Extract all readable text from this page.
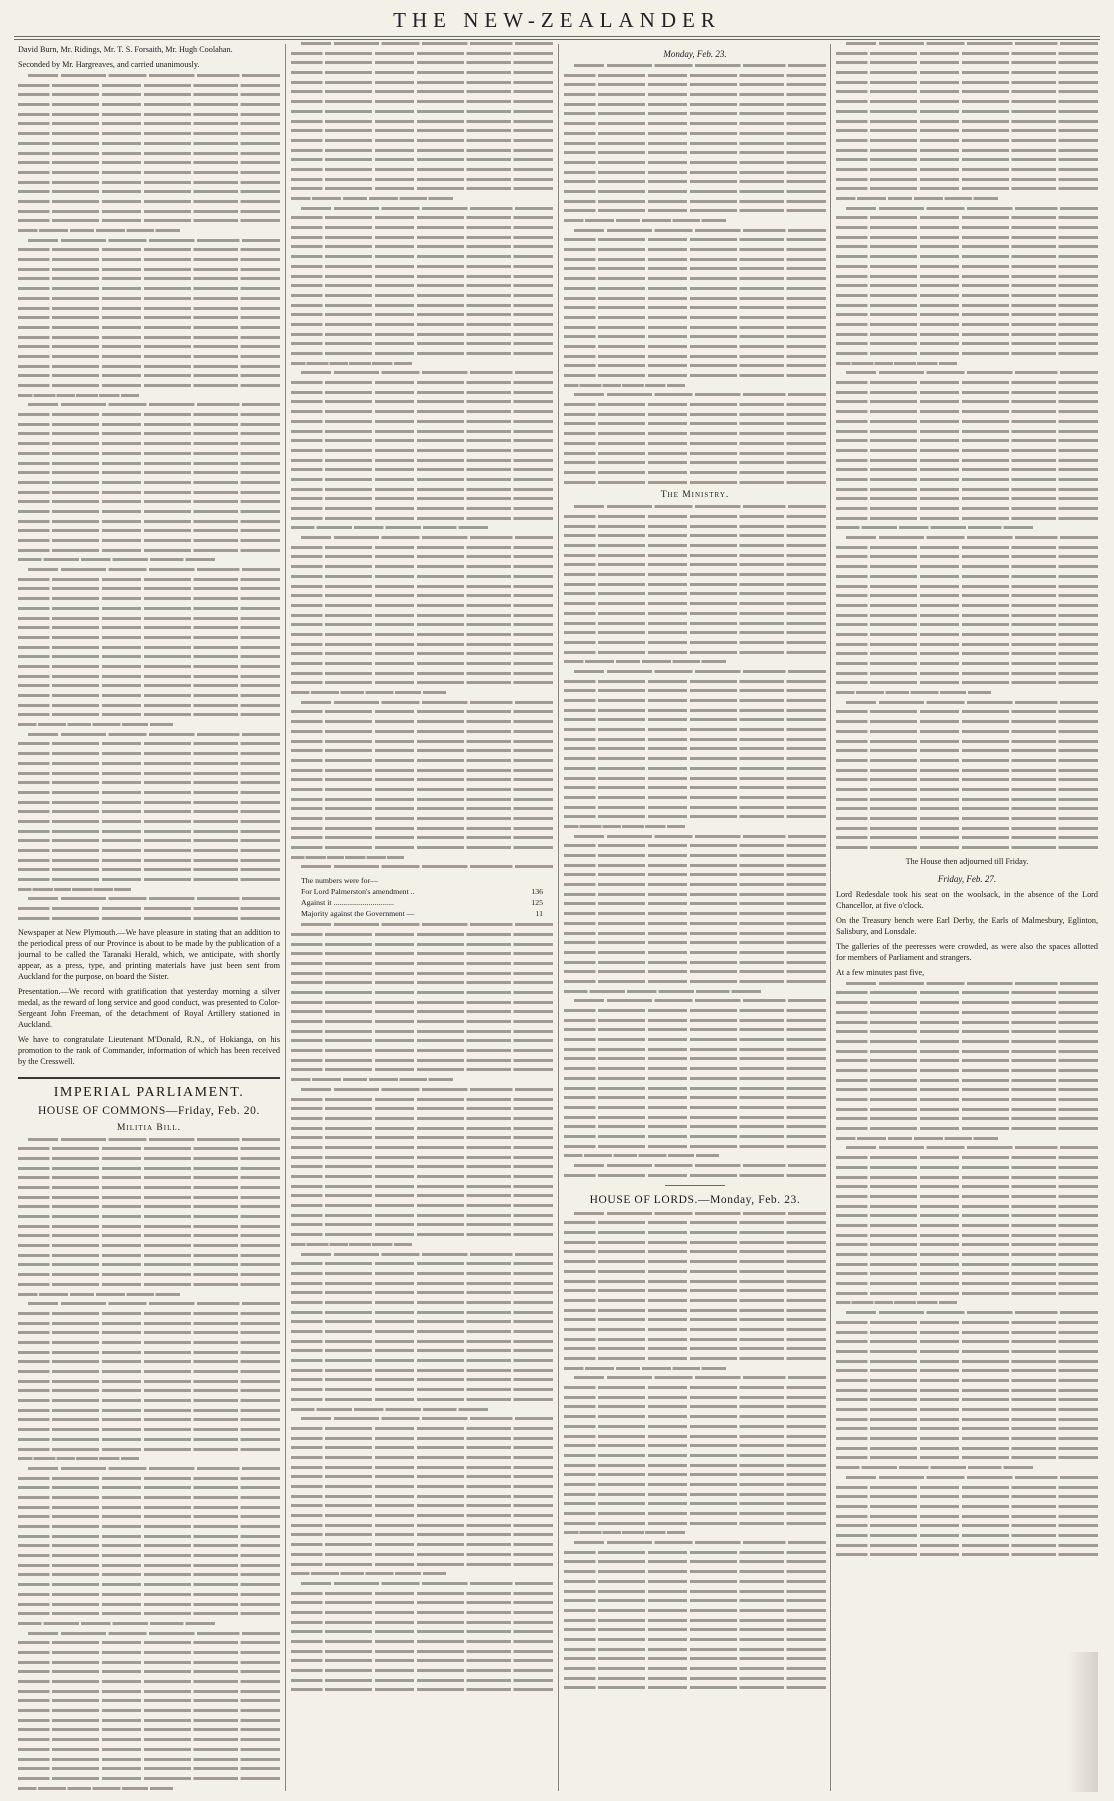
THE NEW-ZEALANDER

David Burn, Mr. Ridings, Mr. T. S. Forsaith, Mr. Hugh Coolahan.

Seconded by Mr. Hargreaves, and carried unanimously.

Newspaper at New Plymouth.—We have pleasure in stating that an addition to the periodical press of our Province is about to be made by the publication of a journal to be called the Taranaki Herald, which, we anticipate, with shortly appear, as a press, type, and printing materials have just been sent from Auckland for the purpose, on board the Sister.

Presentation.—We record with gratification that yesterday morning a silver medal, as the reward of long service and good conduct, was presented to Color-Sergeant John Freeman, of the detachment of Royal Artillery stationed in Auckland.

We have to congratulate Lieutenant M'Donald, R.N., of Hokianga, on his promotion to the rank of Commander, information of which has been received by the Cresswell.

IMPERIAL PARLIAMENT.
HOUSE OF COMMONS—Friday, Feb. 20.
Militia Bill.
The numbers were for—
For Lord Palmerston's amendment ..	136
Against it ...............................	125
Majority against the Government —	11
Monday, Feb. 23.
The Ministry.
HOUSE OF LORDS.—Monday, Feb. 23.

The House then adjourned till Friday.

Friday, Feb. 27.

Lord Redesdale took his seat on the woolsack, in the absence of the Lord Chancellor, at five o'clock.

On the Treasury bench were Earl Derby, the Earls of Malmesbury, Eglinton, Salisbury, and Lonsdale.

The galleries of the peeresses were crowded, as were also the spaces allotted for members of Parliament and strangers.

At a few minutes past five,
